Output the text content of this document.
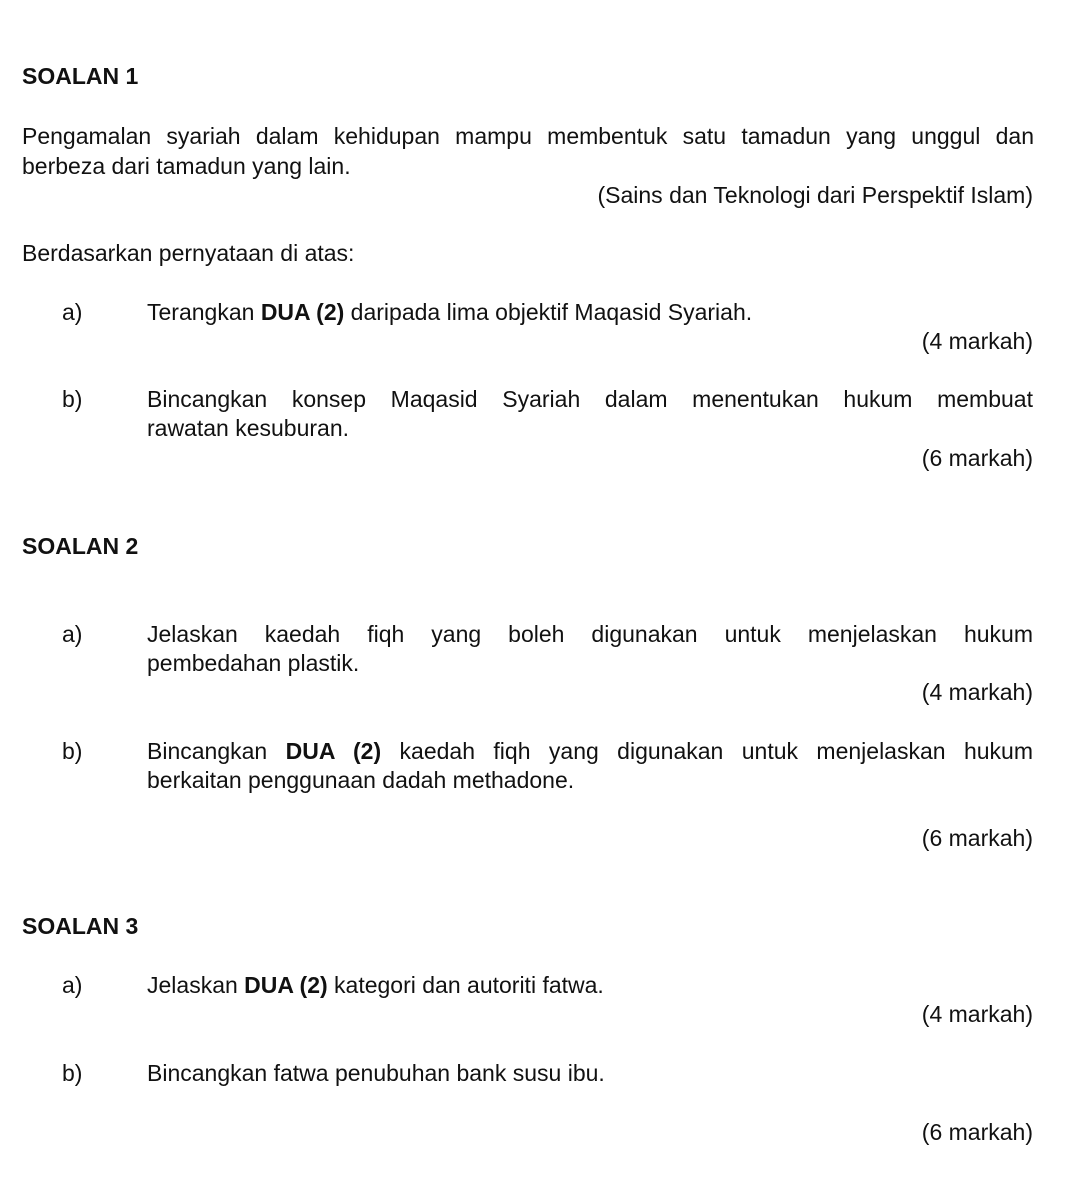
SOALAN 1
Pengamalan syariah dalam kehidupan mampu membentuk satu tamadun yang unggul dan
berbeza dari tamadun yang lain.
(Sains dan Teknologi dari Perspektif Islam)
Berdasarkan pernyataan di atas:
a)	Terangkan DUA (2) daripada lima objektif Maqasid Syariah.
(4 markah)
b)	Bincangkan konsep Maqasid Syariah dalam menentukan hukum membuat
rawatan kesuburan.
(6 markah)
SOALAN 2
a)	Jelaskan kaedah fiqh yang boleh digunakan untuk menjelaskan hukum
pembedahan plastik.
(4 markah)
b)	Bincangkan DUA (2) kaedah fiqh yang digunakan untuk menjelaskan hukum
berkaitan penggunaan dadah methadone.
(6 markah)
SOALAN 3
a)	Jelaskan DUA (2) kategori dan autoriti fatwa.
(4 markah)
b)	Bincangkan fatwa penubuhan bank susu ibu.
(6 markah)
